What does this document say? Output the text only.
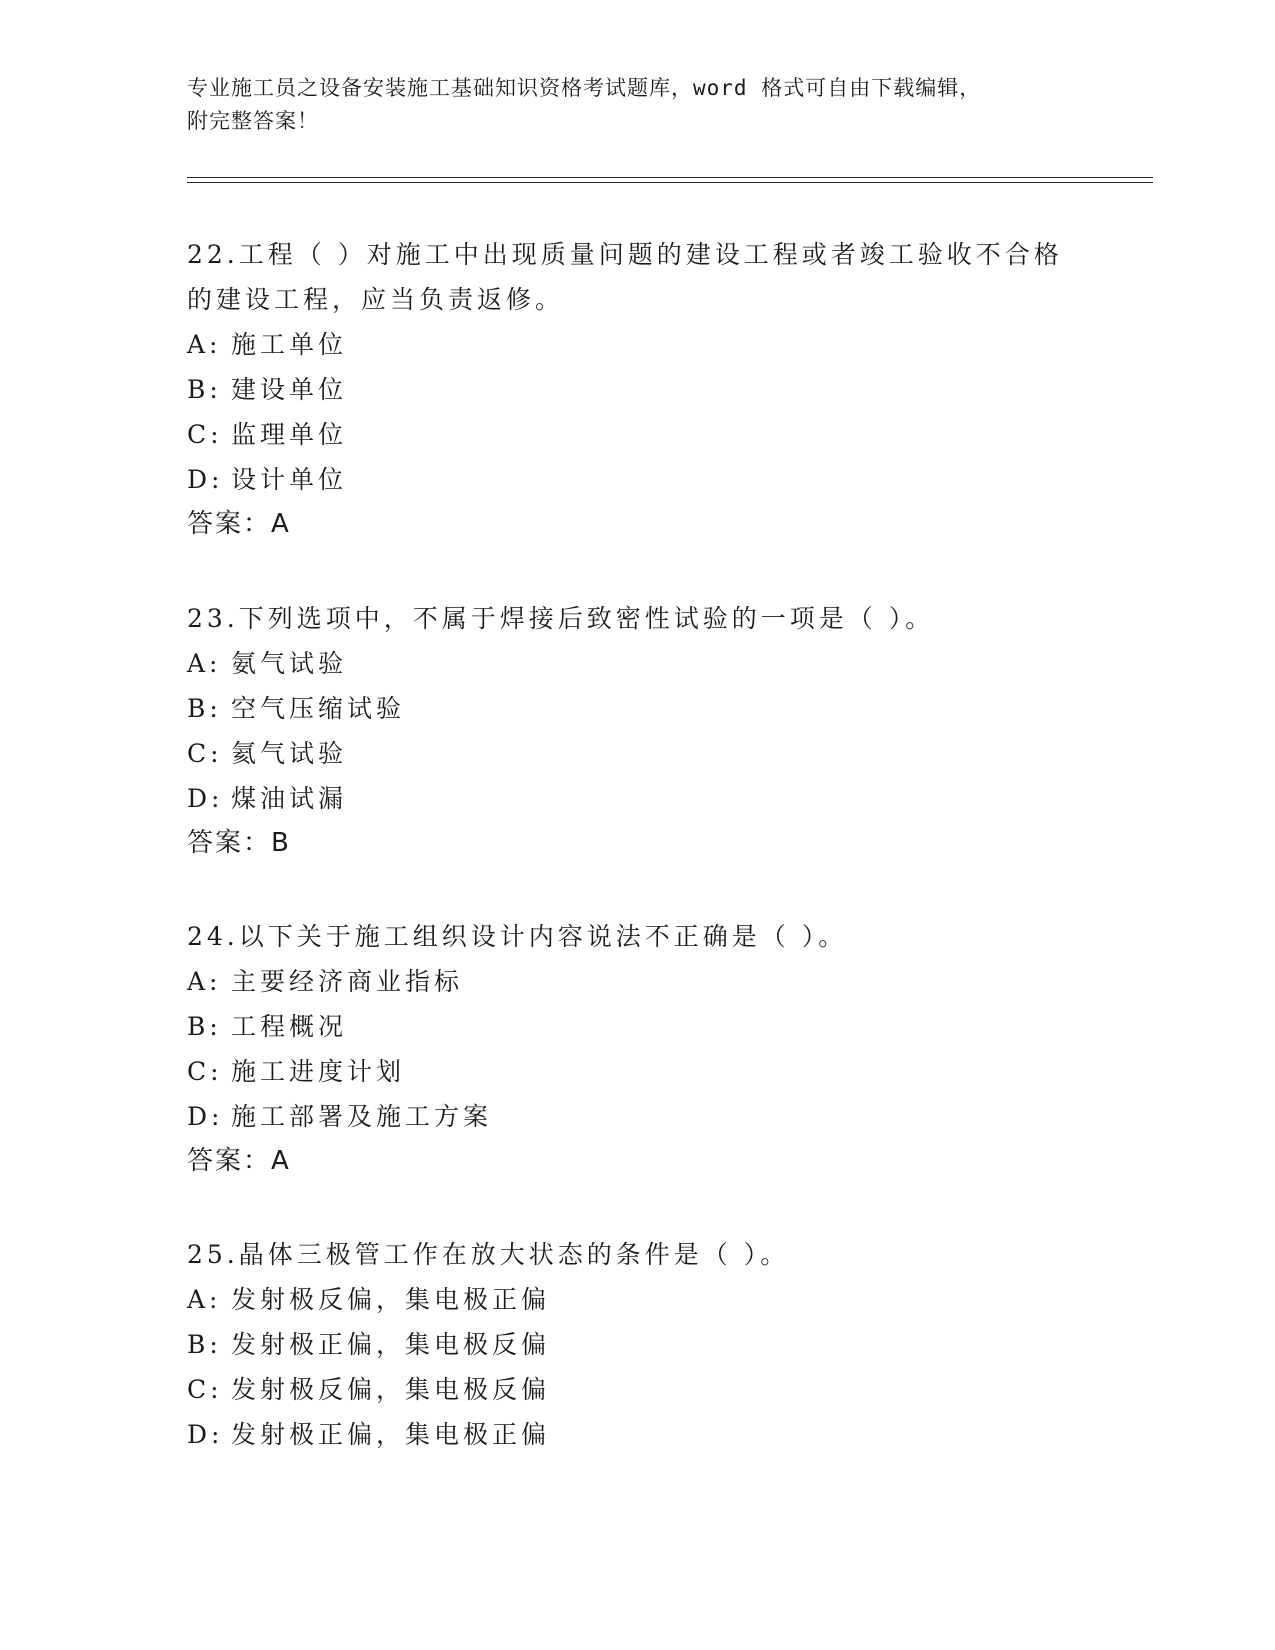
专业施工员之设备安装施工基础知识资格考试题库，word 格式可自由下载编辑，
附完整答案！

22.工程（ ）对施工中出现质量问题的建设工程或者竣工验收不合格的建设工程，应当负责返修。

A: 施工单位

B: 建设单位

C: 监理单位

D: 设计单位

答案：A

23.下列选项中，不属于焊接后致密性试验的一项是（ ）。

A: 氨气试验

B: 空气压缩试验

C: 氦气试验

D: 煤油试漏

答案：B

24.以下关于施工组织设计内容说法不正确是（ ）。

A: 主要经济商业指标

B: 工程概况

C: 施工进度计划

D: 施工部署及施工方案

答案：A

25.晶体三极管工作在放大状态的条件是（ ）。

A: 发射极反偏，集电极正偏

B: 发射极正偏，集电极反偏

C: 发射极反偏，集电极反偏

D: 发射极正偏，集电极正偏
